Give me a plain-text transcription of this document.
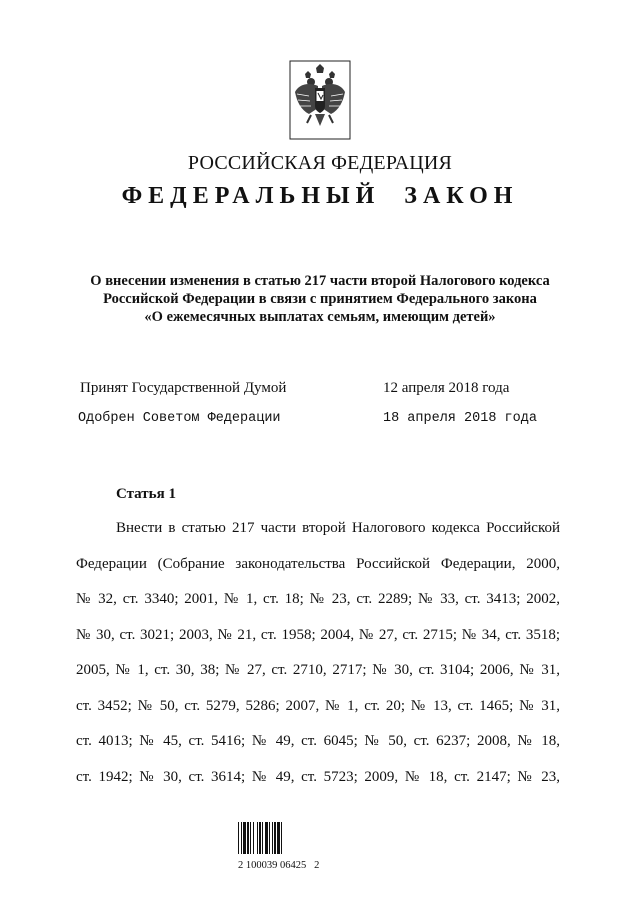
РОССИЙСКАЯ ФЕДЕРАЦИЯ
ФЕДЕРАЛЬНЫЙ  ЗАКОН
О внесении изменения в статью 217 части второй Налогового кодекса
Российской Федерации в связи с принятием Федерального закона
«О ежемесячных выплатах семьям, имеющим детей»
Принят Государственной Думой	12 апреля 2018 года
Одобрен Советом Федерации	18 апреля 2018 года
Статья 1
Внести в статью 217 части второй Налогового кодекса Российской
Федерации (Собрание законодательства Российской Федерации, 2000,
№ 32, ст. 3340; 2001, № 1, ст. 18; № 23, ст. 2289; № 33, ст. 3413; 2002,
№ 30, ст. 3021; 2003, № 21, ст. 1958; 2004, № 27, ст. 2715; № 34, ст. 3518;
2005, № 1, ст. 30, 38; № 27, ст. 2710, 2717; № 30, ст. 3104; 2006, № 31,
ст. 3452; № 50, ст. 5279, 5286; 2007, № 1, ст. 20; № 13, ст. 1465; № 31,
ст. 4013; № 45, ст. 5416; № 49, ст. 6045; № 50, ст. 6237; 2008, № 18,
ст. 1942; № 30, ст. 3614; № 49, ст. 5723; 2009, № 18, ст. 2147; № 23,
2 100039 06425   2
